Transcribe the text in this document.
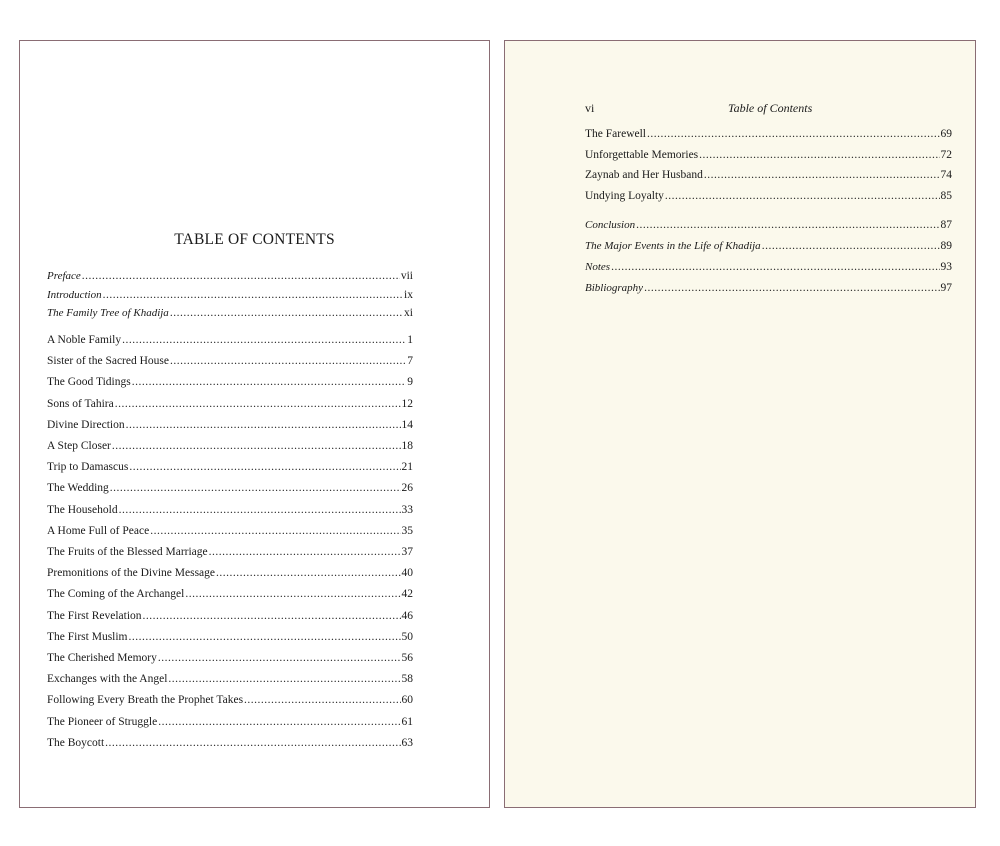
TABLE OF CONTENTS
Preface .....	vii
Introduction .....	ix
The Family Tree of Khadija .....	xi
A Noble Family .....	1
Sister of the Sacred House .....	7
The Good Tidings .....	9
Sons of Tahira .....	12
Divine Direction .....	14
A Step Closer .....	18
Trip to Damascus .....	21
The Wedding .....	26
The Household .....	33
A Home Full of Peace .....	35
The Fruits of the Blessed Marriage .....	37
Premonitions of the Divine Message .....	40
The Coming of the Archangel .....	42
The First Revelation .....	46
The First Muslim .....	50
The Cherished Memory .....	56
Exchanges with the Angel .....	58
Following Every Breath the Prophet Takes .....	60
The Pioneer of Struggle .....	61
The Boycott .....	63
vi	Table of Contents
The Farewell .....	69
Unforgettable Memories .....	72
Zaynab and Her Husband .....	74
Undying Loyalty .....	85
Conclusion .....	87
The Major Events in the Life of Khadija .....	89
Notes .....	93
Bibliography .....	97
